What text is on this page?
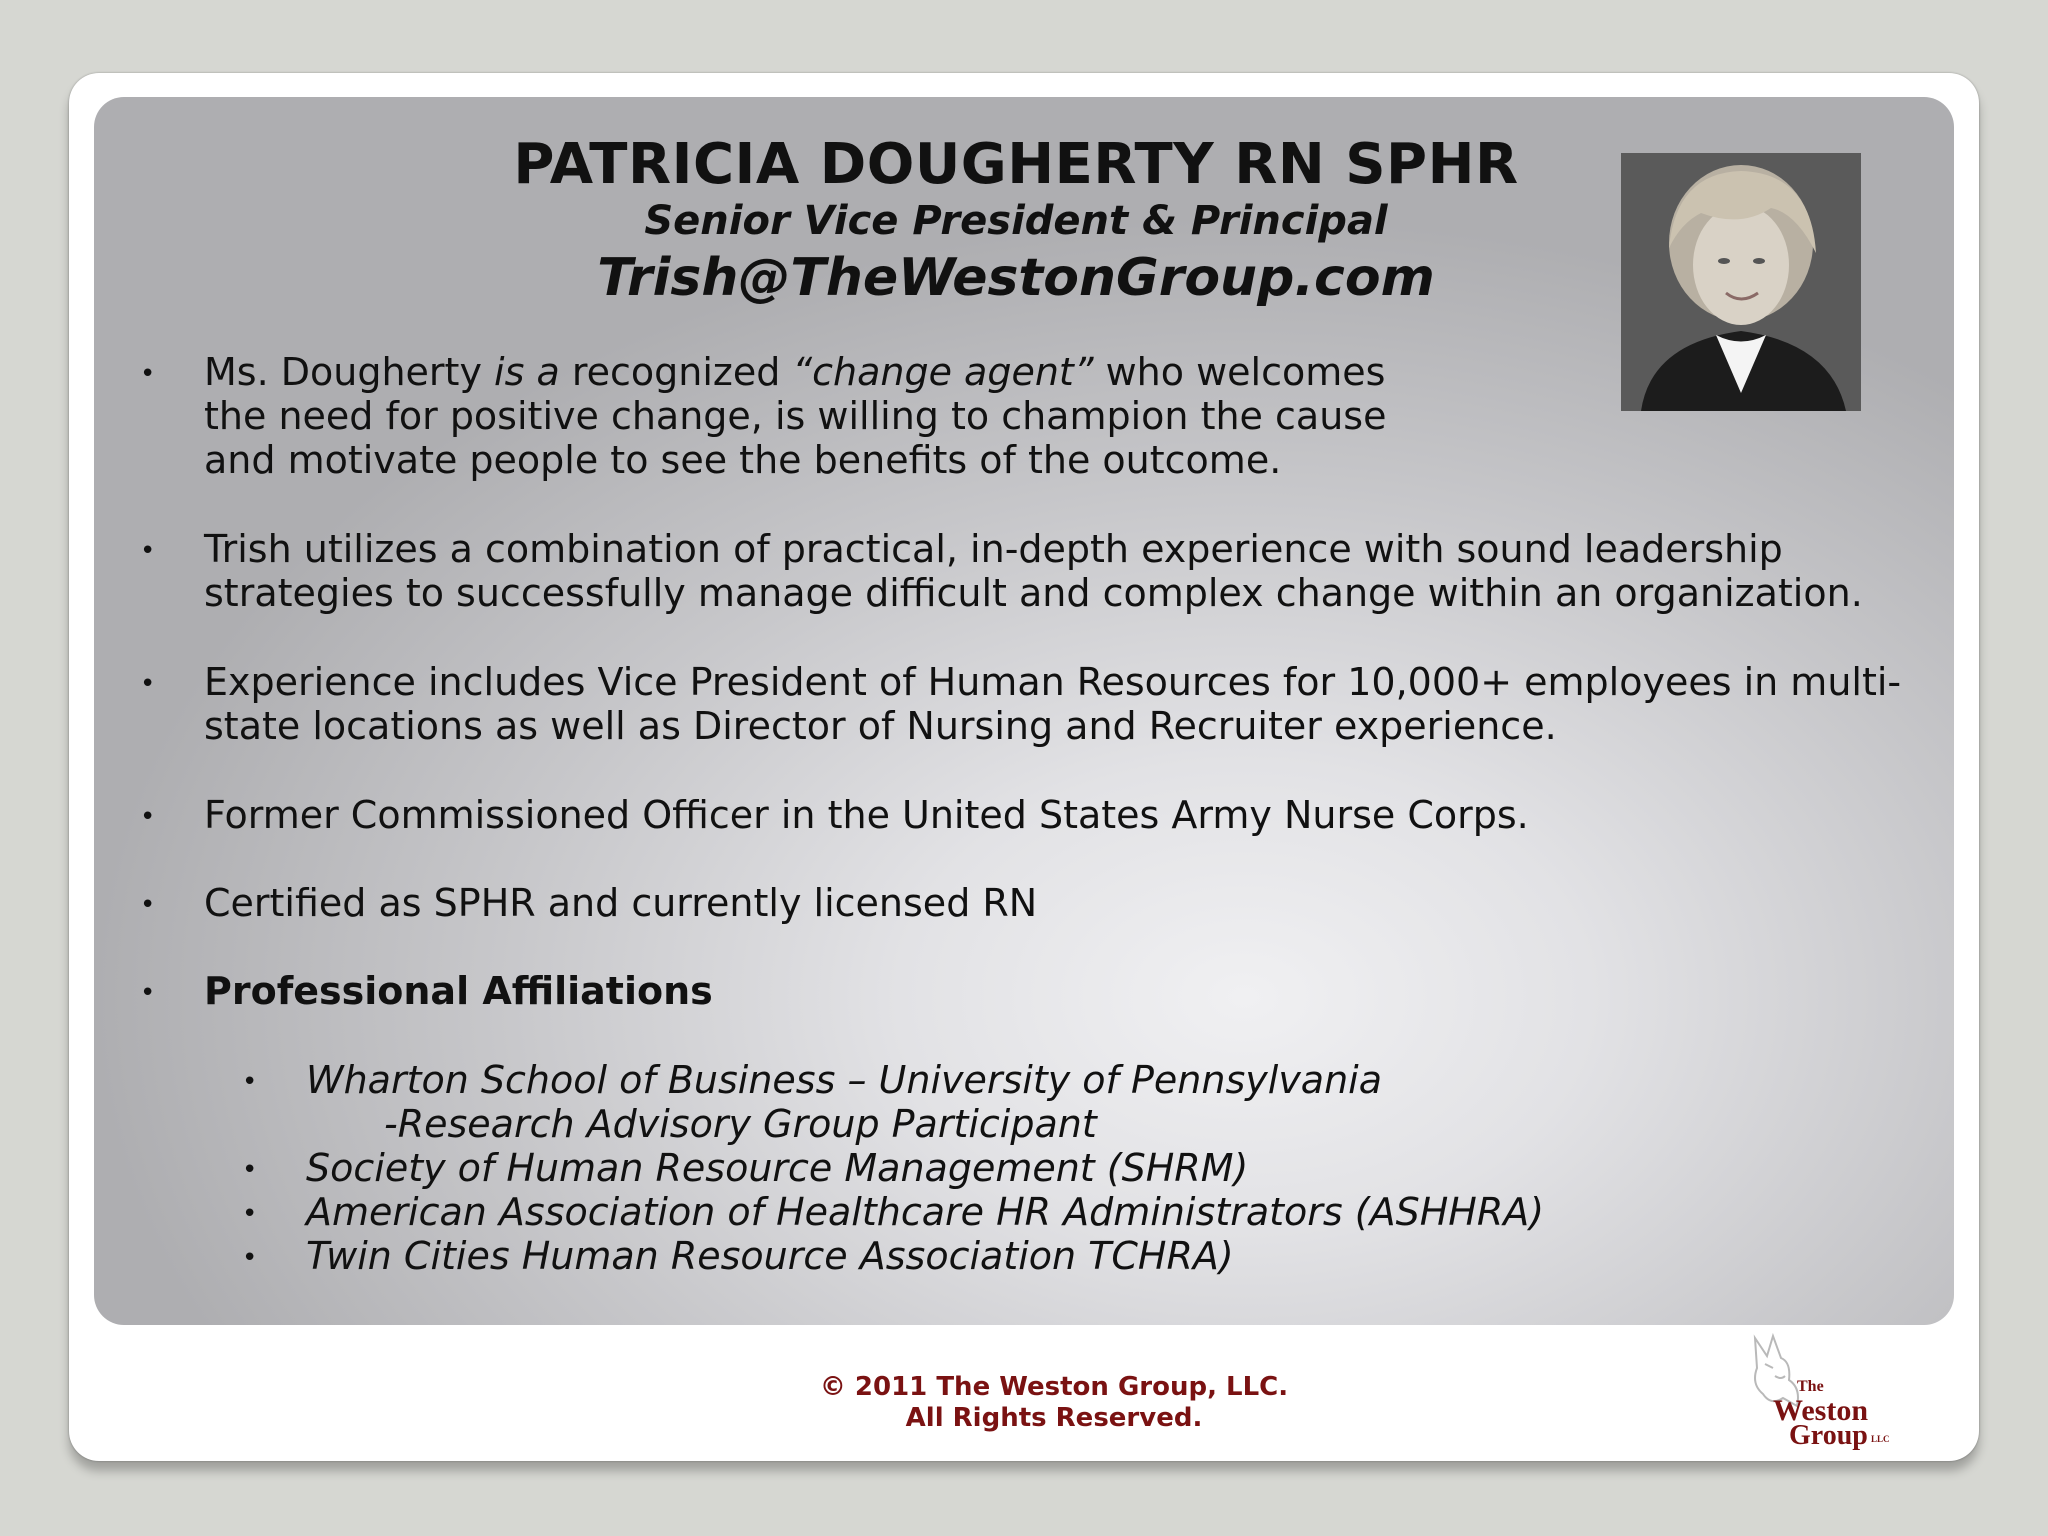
PATRICIA DOUGHERTY RN SPHR
Senior Vice President & Principal
Trish@TheWestonGroup.com
• Ms. Dougherty is a recognized “change agent” who welcomes
the need for positive change, is willing to champion the cause
and motivate people to see the benefits of the outcome.
• Trish utilizes a combination of practical, in-depth experience with sound leadership
strategies to successfully manage difficult and complex change within an organization.
• Experience includes Vice President of Human Resources for 10,000+ employees in multi-
state locations as well as Director of Nursing and Recruiter experience.
• Former Commissioned Officer in the United States Army Nurse Corps.
• Certified as SPHR and currently licensed RN
• Professional Affiliations
• Wharton School of Business – University of Pennsylvania
-Research Advisory Group Participant
• Society of Human Resource Management (SHRM)
• American Association of Healthcare HR Administrators (ASHHRA)
• Twin Cities Human Resource Association TCHRA)
© 2011 The Weston Group, LLC.
All Rights Reserved.
The
Weston
Group LLC
